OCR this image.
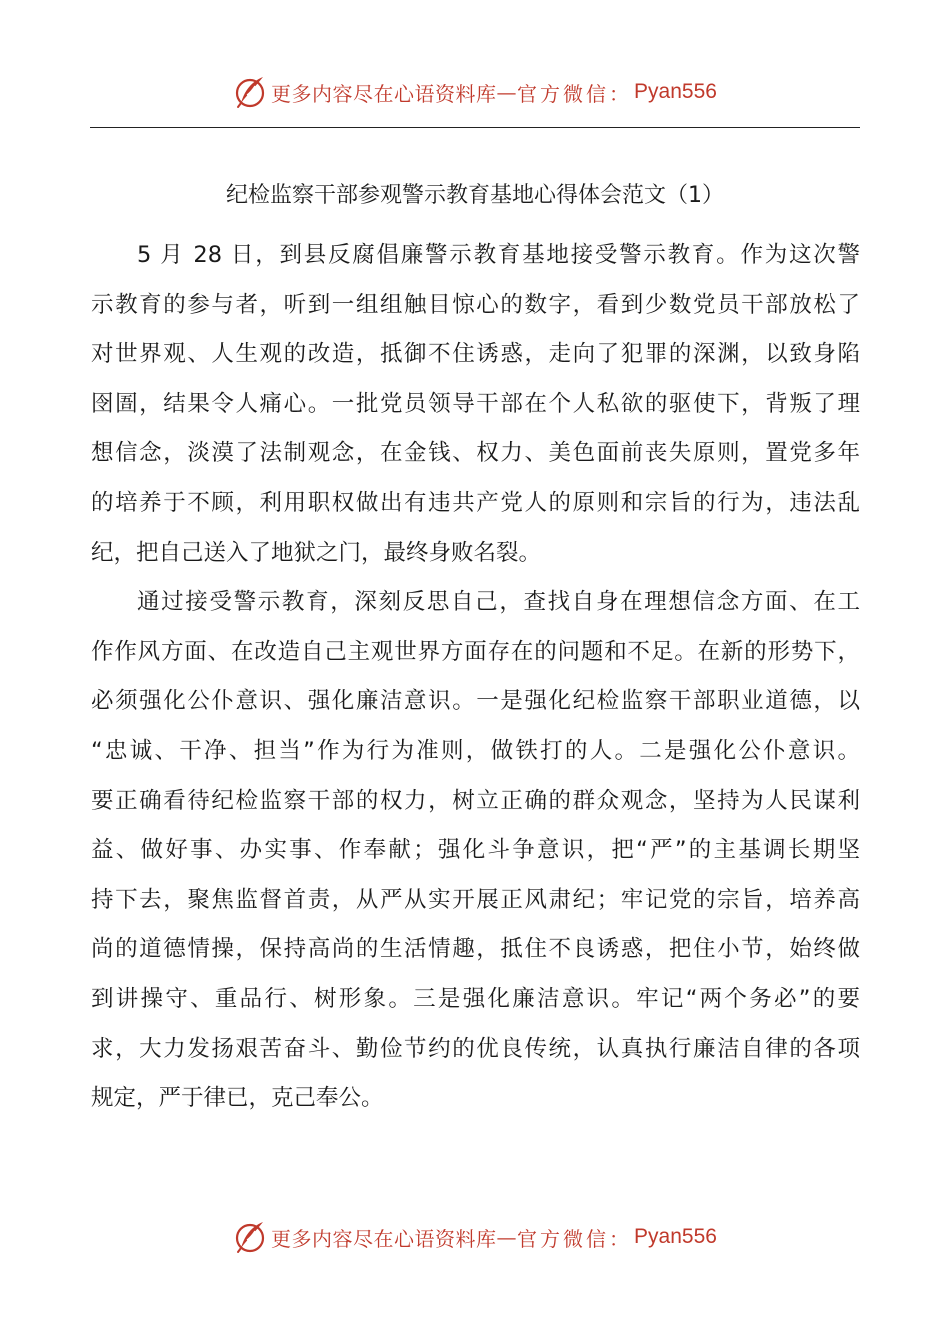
更多内容尽在心语资料库 — 官方微信： Pyan556
纪检监察干部参观警示教育基地心得体会范文（1）
5 月 28 日，到县反腐倡廉警示教育基地接受警示教育。作为这次警
示教育的参与者，听到一组组触目惊心的数字，看到少数党员干部放松了
对世界观、人生观的改造，抵御不住诱惑，走向了犯罪的深渊，以致身陷
囹圄，结果令人痛心。一批党员领导干部在个人私欲的驱使下，背叛了理
想信念，淡漠了法制观念，在金钱、权力、美色面前丧失原则，置党多年
的培养于不顾，利用职权做出有违共产党人的原则和宗旨的行为，违法乱
纪，把自己送入了地狱之门，最终身败名裂。
通过接受警示教育，深刻反思自己，查找自身在理想信念方面、在工
作作风方面、在改造自己主观世界方面存在的问题和不足。在新的形势下，
必须强化公仆意识、强化廉洁意识。一是强化纪检监察干部职业道德，以
“忠诚、干净、担当”作为行为准则，做铁打的人。二是强化公仆意识。
要正确看待纪检监察干部的权力，树立正确的群众观念，坚持为人民谋利
益、做好事、办实事、作奉献；强化斗争意识，把“严”的主基调长期坚
持下去，聚焦监督首责，从严从实开展正风肃纪；牢记党的宗旨，培养高
尚的道德情操，保持高尚的生活情趣，抵住不良诱惑，把住小节，始终做
到讲操守、重品行、树形象。三是强化廉洁意识。牢记“两个务必”的要
求，大力发扬艰苦奋斗、勤俭节约的优良传统，认真执行廉洁自律的各项
规定，严于律已，克己奉公。
更多内容尽在心语资料库 — 官方微信： Pyan556
